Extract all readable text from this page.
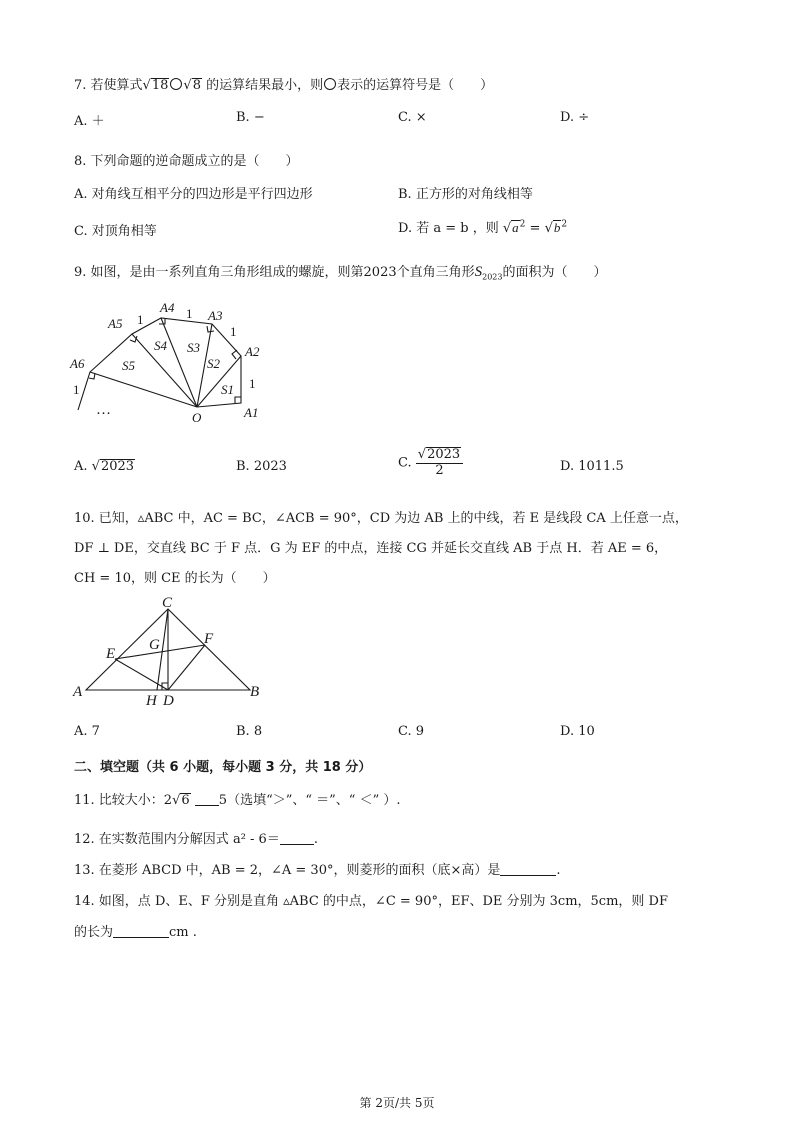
7. 若使算式√18 √8 的运算结果最小，则 表示的运算符号是（　　）
A. ＋	B. −	C. ×	D. ÷
8. 下列命题的逆命题成立的是（　　）
A. 对角线互相平分的四边形是平行四边形	B. 正方形的对角线相等
C. 对顶角相等	D. 若 a = b ，则 $√a^2 = √b^2$
9. 如图，是由一系列直角三角形组成的螺旋，则第2023个直角三角形$S_{2023}$的面积为（　　）
A1
A2
A3
A4
A5
A6
O
S1
S2
S3
S4
S5
1
1
1
1
1
…
A. √2023	B. 2023	C. $\frac{√2023}{2}$	D. 1011.5
10. 已知，▵ABC 中，AC = BC，∠ACB = 90°，CD 为边 AB 上的中线，若 E 是线段 CA 上任意一点，
DF ⊥ DE，交直线 BC 于 F 点．G 为 EF 的中点，连接 CG 并延长交直线 AB 于点 H．若 AE = 6，
CH = 10，则 CE 的长为（　　）
C
E
G	F
A
H D
B
A. 7	B. 8	C. 9	D. 10
二、填空题（共 6 小题，每小题 3 分，共 18 分）
11. 比较大小：2√6 5（选填“＞”、“ ＝”、“ ＜” ）.
12. 在实数范围内分解因式 a² - 6＝	.
13. 在菱形 ABCD 中，AB = 2，∠A = 30°，则菱形的面积（底×高）是	.
14. 如图，点 D、E、F 分别是直角 ▵ABC 的中点，∠C = 90°，EF、DE 分别为 3cm，5cm，则 DF
的长为	cm .
第 2页/共 5页
